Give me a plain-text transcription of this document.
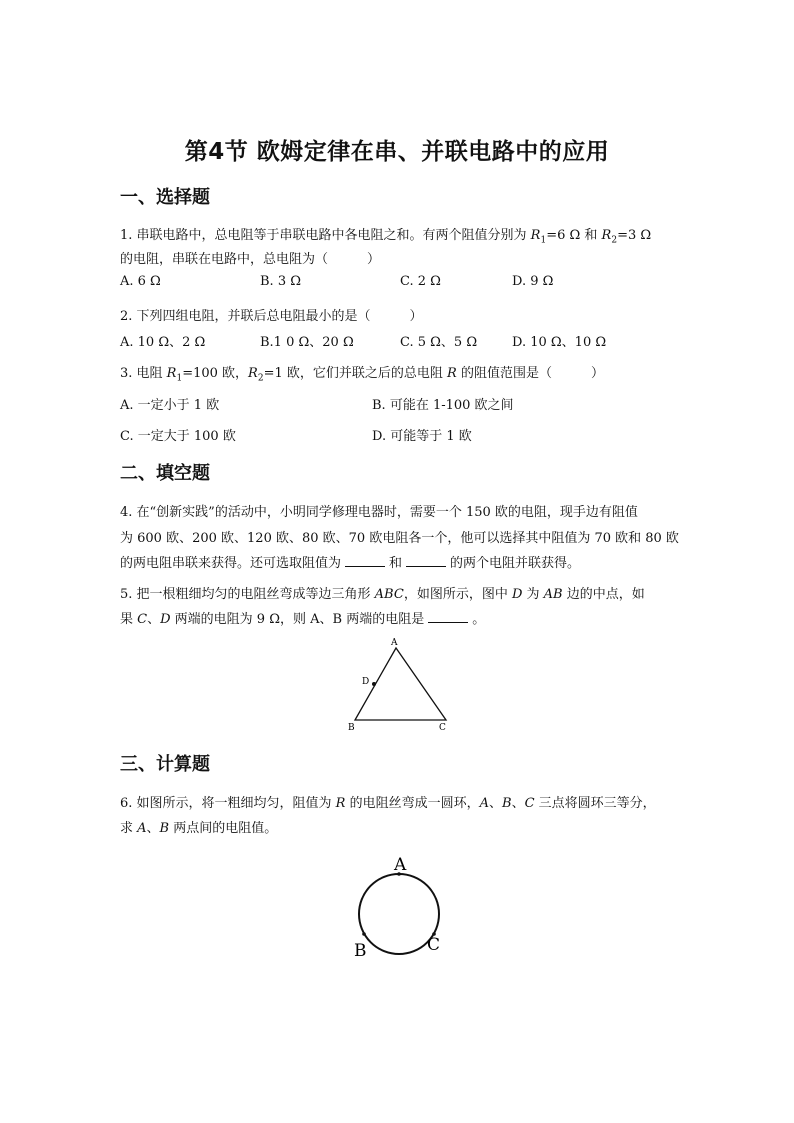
第4节 欧姆定律在串、并联电路中的应用
一、选择题
1. 串联电路中，总电阻等于串联电路中各电阻之和。有两个阻值分别为 $R_1=6$ Ω 和 $R_2=3$ Ω
的电阻，串联在电路中，总电阻为（　　　）
A. 6 Ω	B. 3 Ω	C. 2 Ω	D. 9 Ω
2. 下列四组电阻，并联后总电阻最小的是（　　　）
A. 10 Ω、2 Ω	B.1 0 Ω、20 Ω	C. 5 Ω、5 Ω	D. 10 Ω、10 Ω
3. 电阻 $R_1=100$ 欧，$R_2=1$ 欧，它们并联之后的总电阻 R 的阻值范围是（　　　）
A. 一定小于 1 欧	B. 可能在 1-100 欧之间
C. 一定大于 100 欧	D. 可能等于 1 欧
二、填空题
4. 在“创新实践”的活动中，小明同学修理电器时，需要一个 150 欧的电阻，现手边有阻值
为 600 欧、200 欧、120 欧、80 欧、70 欧电阻各一个，他可以选择其中阻值为 70 欧和 80 欧
的两电阻串联来获得。还可选取阻值为	和	的两个电阻并联获得。
5. 把一根粗细均匀的电阻丝弯成等边三角形 ABC，如图所示，图中 D 为 AB 边的中点，如
果 C、D 两端的电阻为 9 Ω，则 A、B 两端的电阻是	。
A
D
B	C
三、计算题
6. 如图所示，将一粗细均匀，阻值为 R 的电阻丝弯成一圆环，A、B、C 三点将圆环三等分，
求 A、B 两点间的电阻值。
A
B	C
